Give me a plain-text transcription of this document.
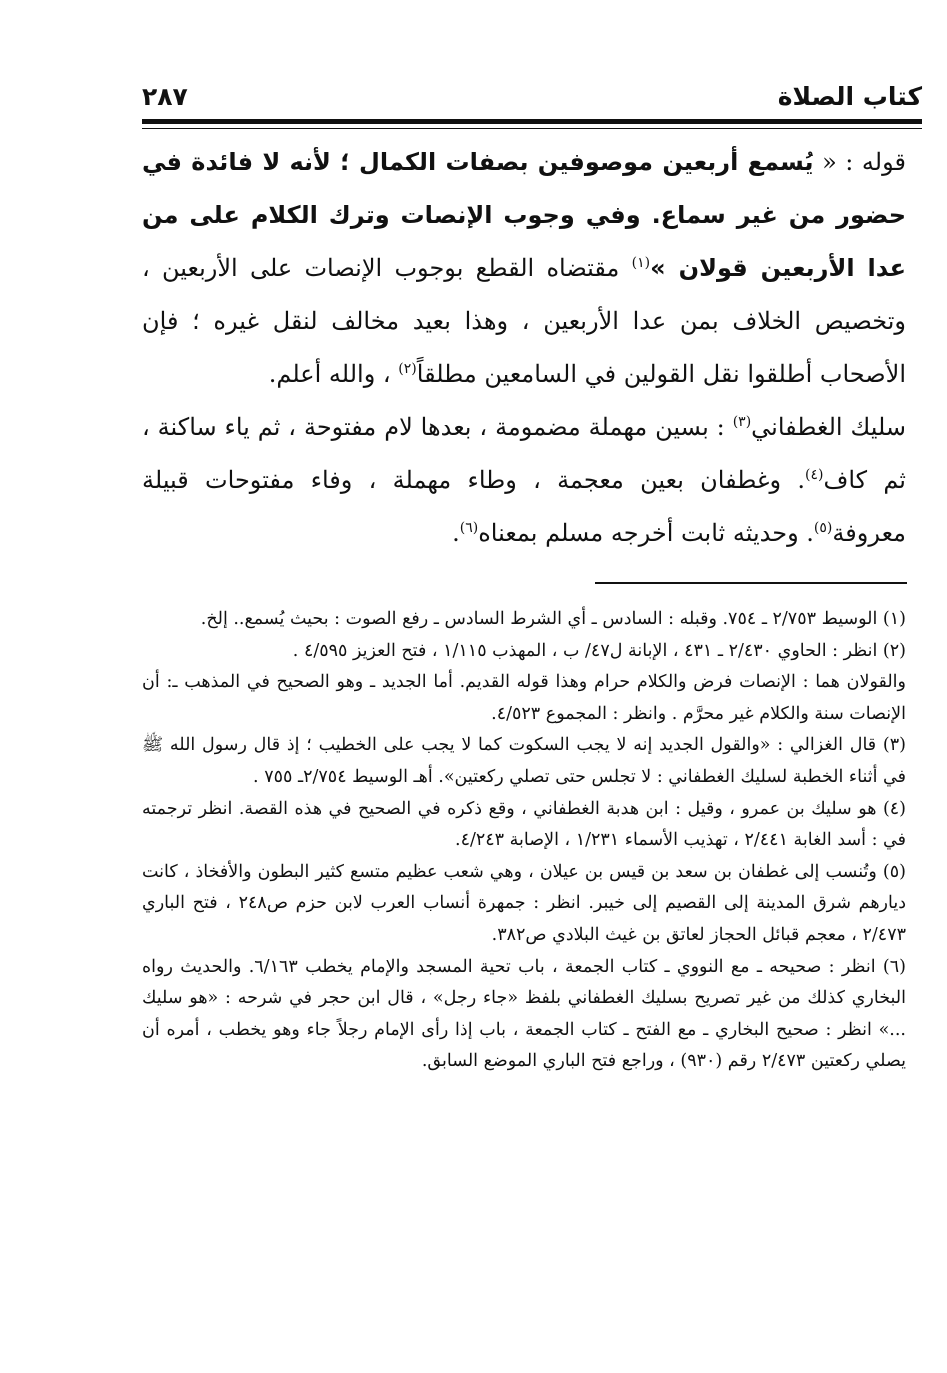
كتاب الصلاة
٢٨٧

قوله : « يُسمع أربعين موصوفين بصفات الكمال ؛ لأنه لا فائدة في حضور من غير سماع. وفي وجوب الإنصات وترك الكلام على من عدا الأربعين قولان »$^{(١)}$ مقتضاه القطع بوجوب الإنصات على الأربعين ، وتخصيص الخلاف بمن عدا الأربعين ، وهذا بعيد مخالف لنقل غيره ؛ فإن الأصحاب أطلقوا نقل القولين في السامعين مطلقاً$^{(٢)}$ ، والله أعلم.

سليك الغطفاني$^{(٣)}$ : بسين مهملة مضمومة ، بعدها لام مفتوحة ، ثم ياء ساكنة ، ثم كاف$^{(٤)}$. وغطفان بعين معجمة ، وطاء مهملة ، وفاء مفتوحات قبيلة معروفة$^{(٥)}$. وحديثه ثابت أخرجه مسلم بمعناه$^{(٦)}$.

(١) الوسيط ٢/٧٥٣ ـ ٧٥٤. وقبله : السادس ـ أي الشرط السادس ـ رفع الصوت : بحيث يُسمع.. إلخ.

(٢) انظر : الحاوي ٢/٤٣٠ ـ ٤٣١ ، الإبانة ل٤٧/ ب ، المهذب ١/١١٥ ، فتح العزيز ٤/٥٩٥ .

والقولان هما : الإنصات فرض والكلام حرام وهذا قوله القديم. أما الجديد ـ وهو الصحيح في المذهب ـ: أن الإنصات سنة والكلام غير محرَّم . وانظر : المجموع ٤/٥٢٣.

(٣) قال الغزالي : «والقول الجديد إنه لا يجب السكوت كما لا يجب على الخطيب ؛ إذ قال رسول الله ﷺ في أثناء الخطبة لسليك الغطفاني : لا تجلس حتى تصلي ركعتين». أهـ الوسيط ٢/٧٥٤ـ ٧٥٥ .

(٤) هو سليك بن عمرو ، وقيل : ابن هدبة الغطفاني ، وقع ذكره في الصحيح في هذه القصة. انظر ترجمته في : أسد الغابة ٢/٤٤١ ، تهذيب الأسماء ١/٢٣١ ، الإصابة ٤/٢٤٣.

(٥) وتُنسب إلى غطفان بن سعد بن قيس بن عيلان ، وهي شعب عظيم متسع كثير البطون والأفخاذ ، كانت ديارهم شرق المدينة إلى القصيم إلى خيبر. انظر : جمهرة أنساب العرب لابن حزم ص٢٤٨ ، فتح الباري ٢/٤٧٣ ، معجم قبائل الحجاز لعاتق بن غيث البلادي ص٣٨٢.

(٦) انظر : صحيحه ـ مع النووي ـ كتاب الجمعة ، باب تحية المسجد والإمام يخطب ٦/١٦٣. والحديث رواه البخاري كذلك من غير تصريح بسليك الغطفاني بلفظ «جاء رجل» ، قال ابن حجر في شرحه : «هو سليك ...» انظر : صحيح البخاري ـ مع الفتح ـ كتاب الجمعة ، باب إذا رأى الإمام رجلاً جاء وهو يخطب ، أمره أن يصلي ركعتين ٢/٤٧٣ رقم (٩٣٠) ، وراجع فتح الباري الموضع السابق.
